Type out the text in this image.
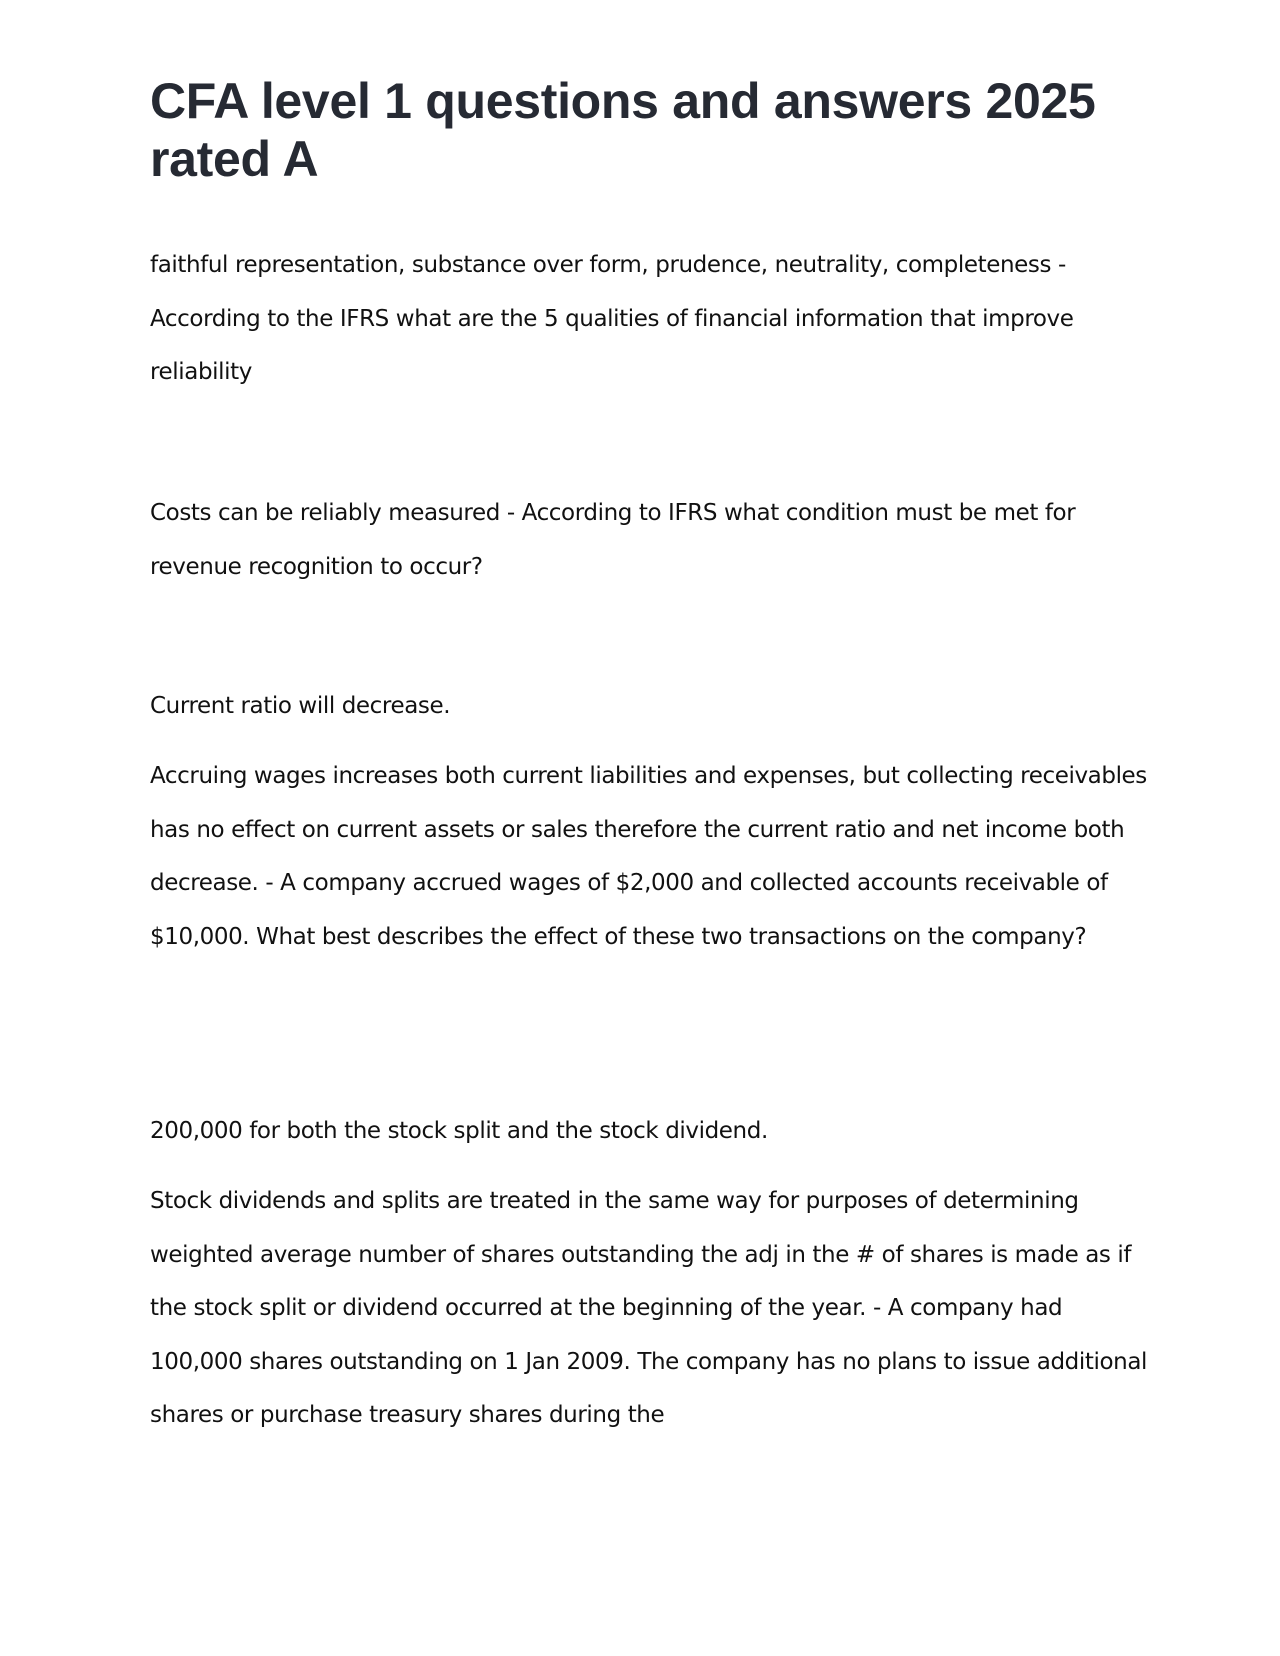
CFA level 1 questions and answers 2025 rated A

faithful representation, substance over form, prudence, neutrality, completeness - According to the IFRS what are the 5 qualities of financial information that improve reliability

Costs can be reliably measured - According to IFRS what condition must be met for revenue recognition to occur?

Current ratio will decrease.

Accruing wages increases both current liabilities and expenses, but collecting receivables has no effect on current assets or sales therefore the current ratio and net income both decrease. - A company accrued wages of $2,000 and collected accounts receivable of $10,000. What best describes the effect of these two transactions on the company?

200,000 for both the stock split and the stock dividend.

Stock dividends and splits are treated in the same way for purposes of determining weighted average number of shares outstanding the adj in the # of shares is made as if the stock split or dividend occurred at the beginning of the year. - A company had 100,000 shares outstanding on 1 Jan 2009. The company has no plans to issue additional shares or purchase treasury shares during the
